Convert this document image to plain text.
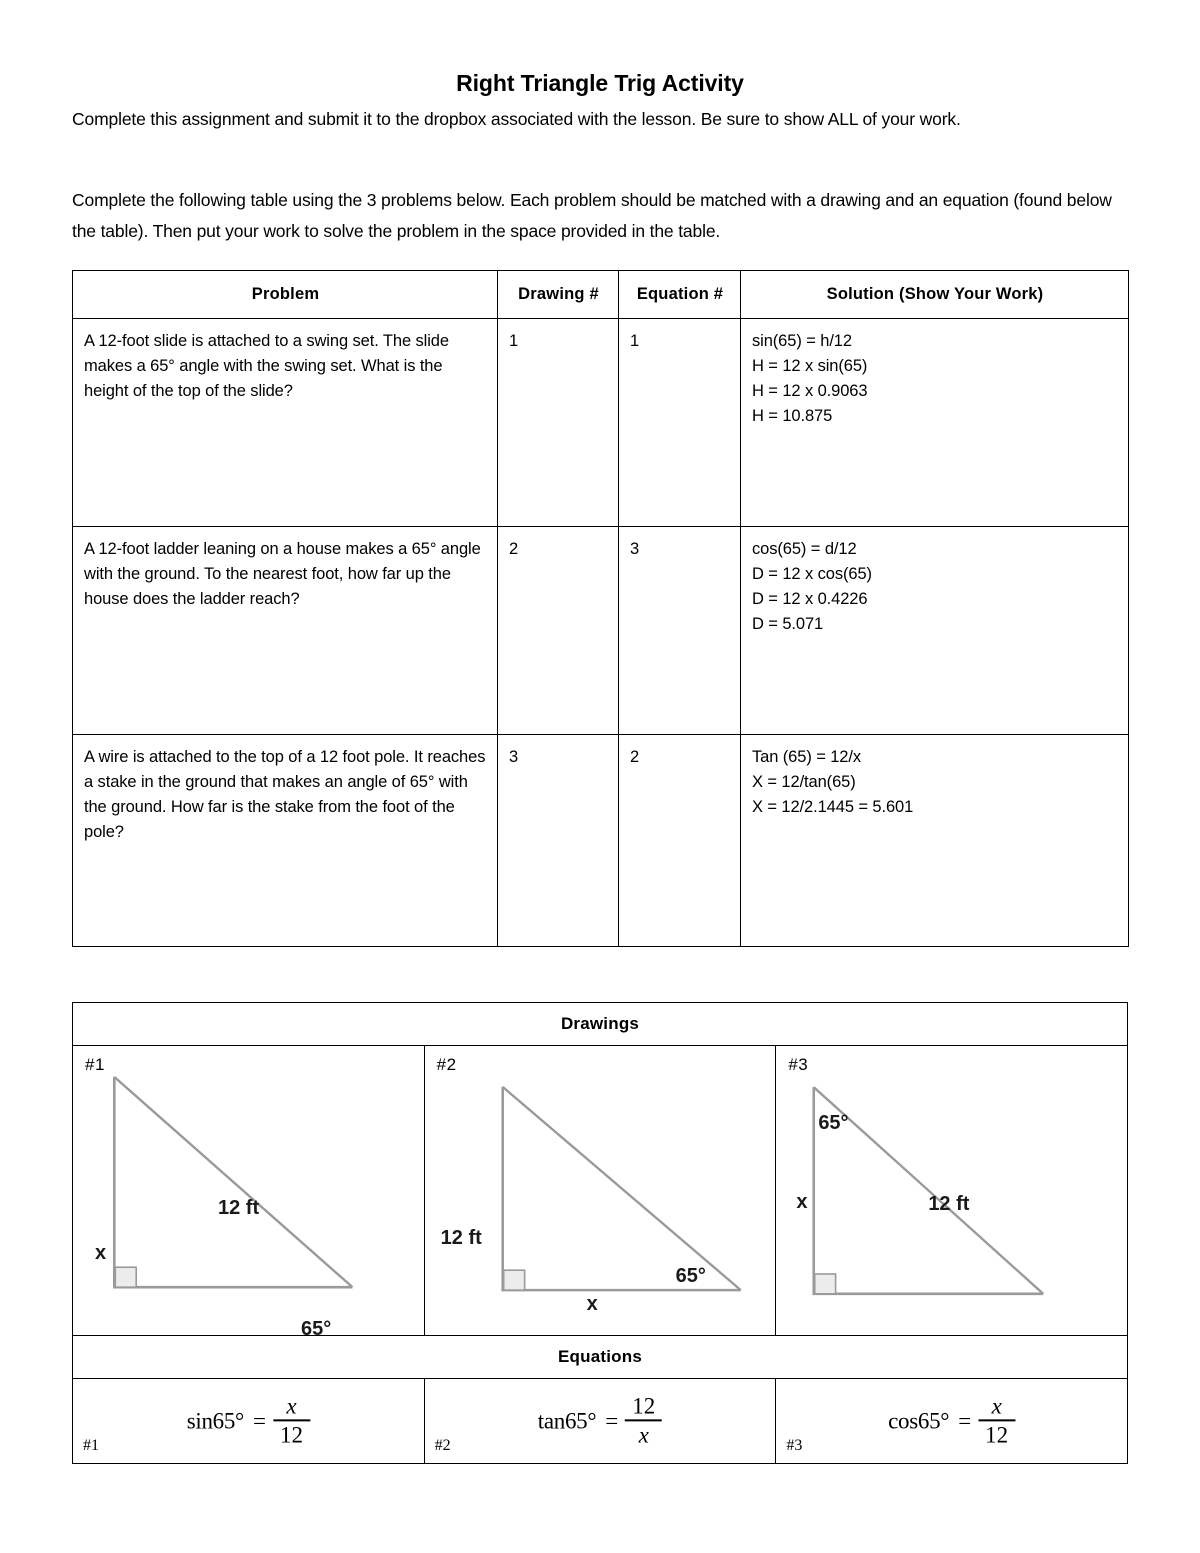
Right Triangle Trig Activity
Complete this assignment and submit it to the dropbox associated with the lesson. Be sure to show ALL of your work.
Complete the following table using the 3 problems below. Each problem should be matched with a drawing and an equation (found below the table). Then put your work to solve the problem in the space provided in the table.
Problem	Drawing #	Equation #	Solution (Show Your Work)
A 12-foot slide is attached to a swing set. The slide makes a 65° angle with the swing set. What is the height of the top of the slide?	1	1	sin(65) = h/12
H = 12 x sin(65)
H = 12 x 0.9063
H = 10.875

A 12-foot ladder leaning on a house makes a 65° angle with the ground. To the nearest foot, how far up the house does the ladder reach?	2	3	cos(65) = d/12
D = 12 x cos(65)
D = 12 x 0.4226
D = 5.071

A wire is attached to the top of a 12 foot pole. It reaches a stake in the ground that makes an angle of 65° with the ground. How far is the stake from the foot of the pole?	3	2	Tan (65) = 12/x
X = 12/tan(65)
X = 12/2.1445 = 5.601
Drawings		

#1
x
12 ft
65°	#2
12 ft
x
65°	#3
65°
x 12 ft

Equations		

#1
$\sin 65^\circ = \frac{x}{12}$	#2
$\tan 65^\circ = \frac{12}{x}$	#3
$\cos 65^\circ = \frac{x}{12}$
